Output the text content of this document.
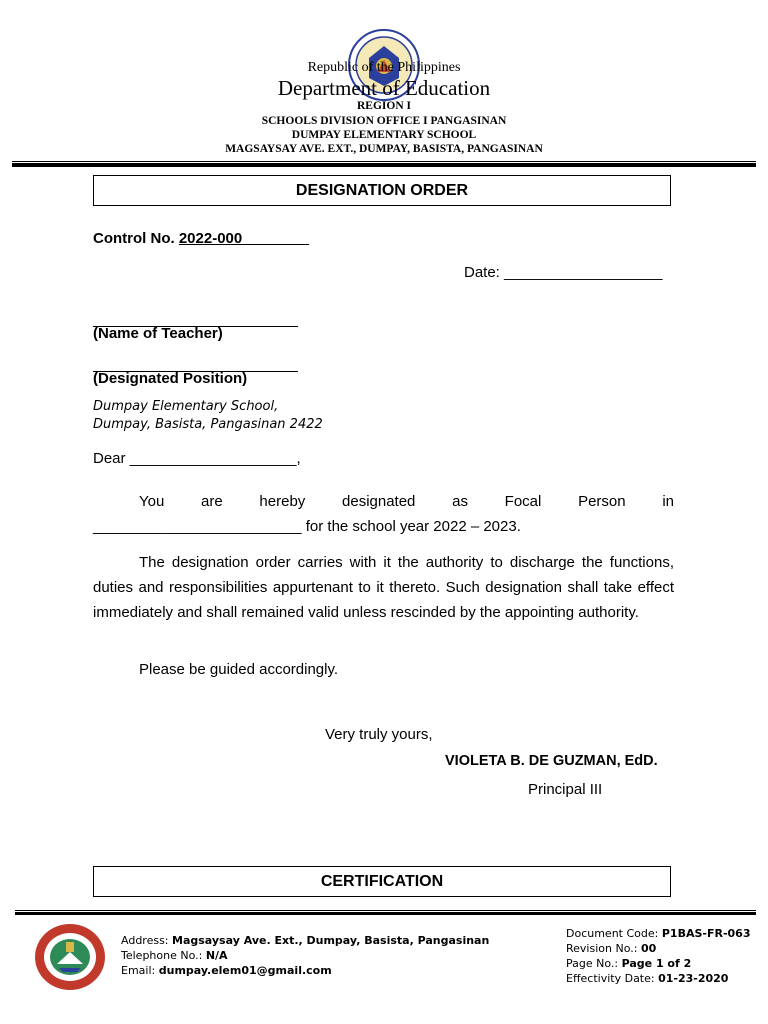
Republic of the Philippines
Department of Education
REGION I
SCHOOLS DIVISION OFFICE I PANGASINAN
DUMPAY ELEMENTARY SCHOOL
MAGSAYSAY AVE. EXT., DUMPAY, BASISTA, PANGASINAN
DESIGNATION ORDER
Control No. 2022-000________
Date: ___________________
(Name of Teacher)
(Designated Position)
Dumpay Elementary School,
Dumpay, Basista, Pangasinan 2422
Dear ____________________,
You are hereby designated as Focal Person in
_________________________ for the school year 2022 – 2023.
The designation order carries with it the authority to discharge the functions, duties and responsibilities appurtenant to it thereto. Such designation shall take effect immediately and shall remained valid unless rescinded by the appointing authority.
Please be guided accordingly.
Very truly yours,
VIOLETA B. DE GUZMAN, EdD.
Principal III
CERTIFICATION
Address: Magsaysay Ave. Ext., Dumpay, Basista, Pangasinan
Telephone No.: N/A
Email: dumpay.elem01@gmail.com
Document Code: P1BAS-FR-063
Revision No.: 00
Page No.: Page 1 of 2
Effectivity Date: 01-23-2020
